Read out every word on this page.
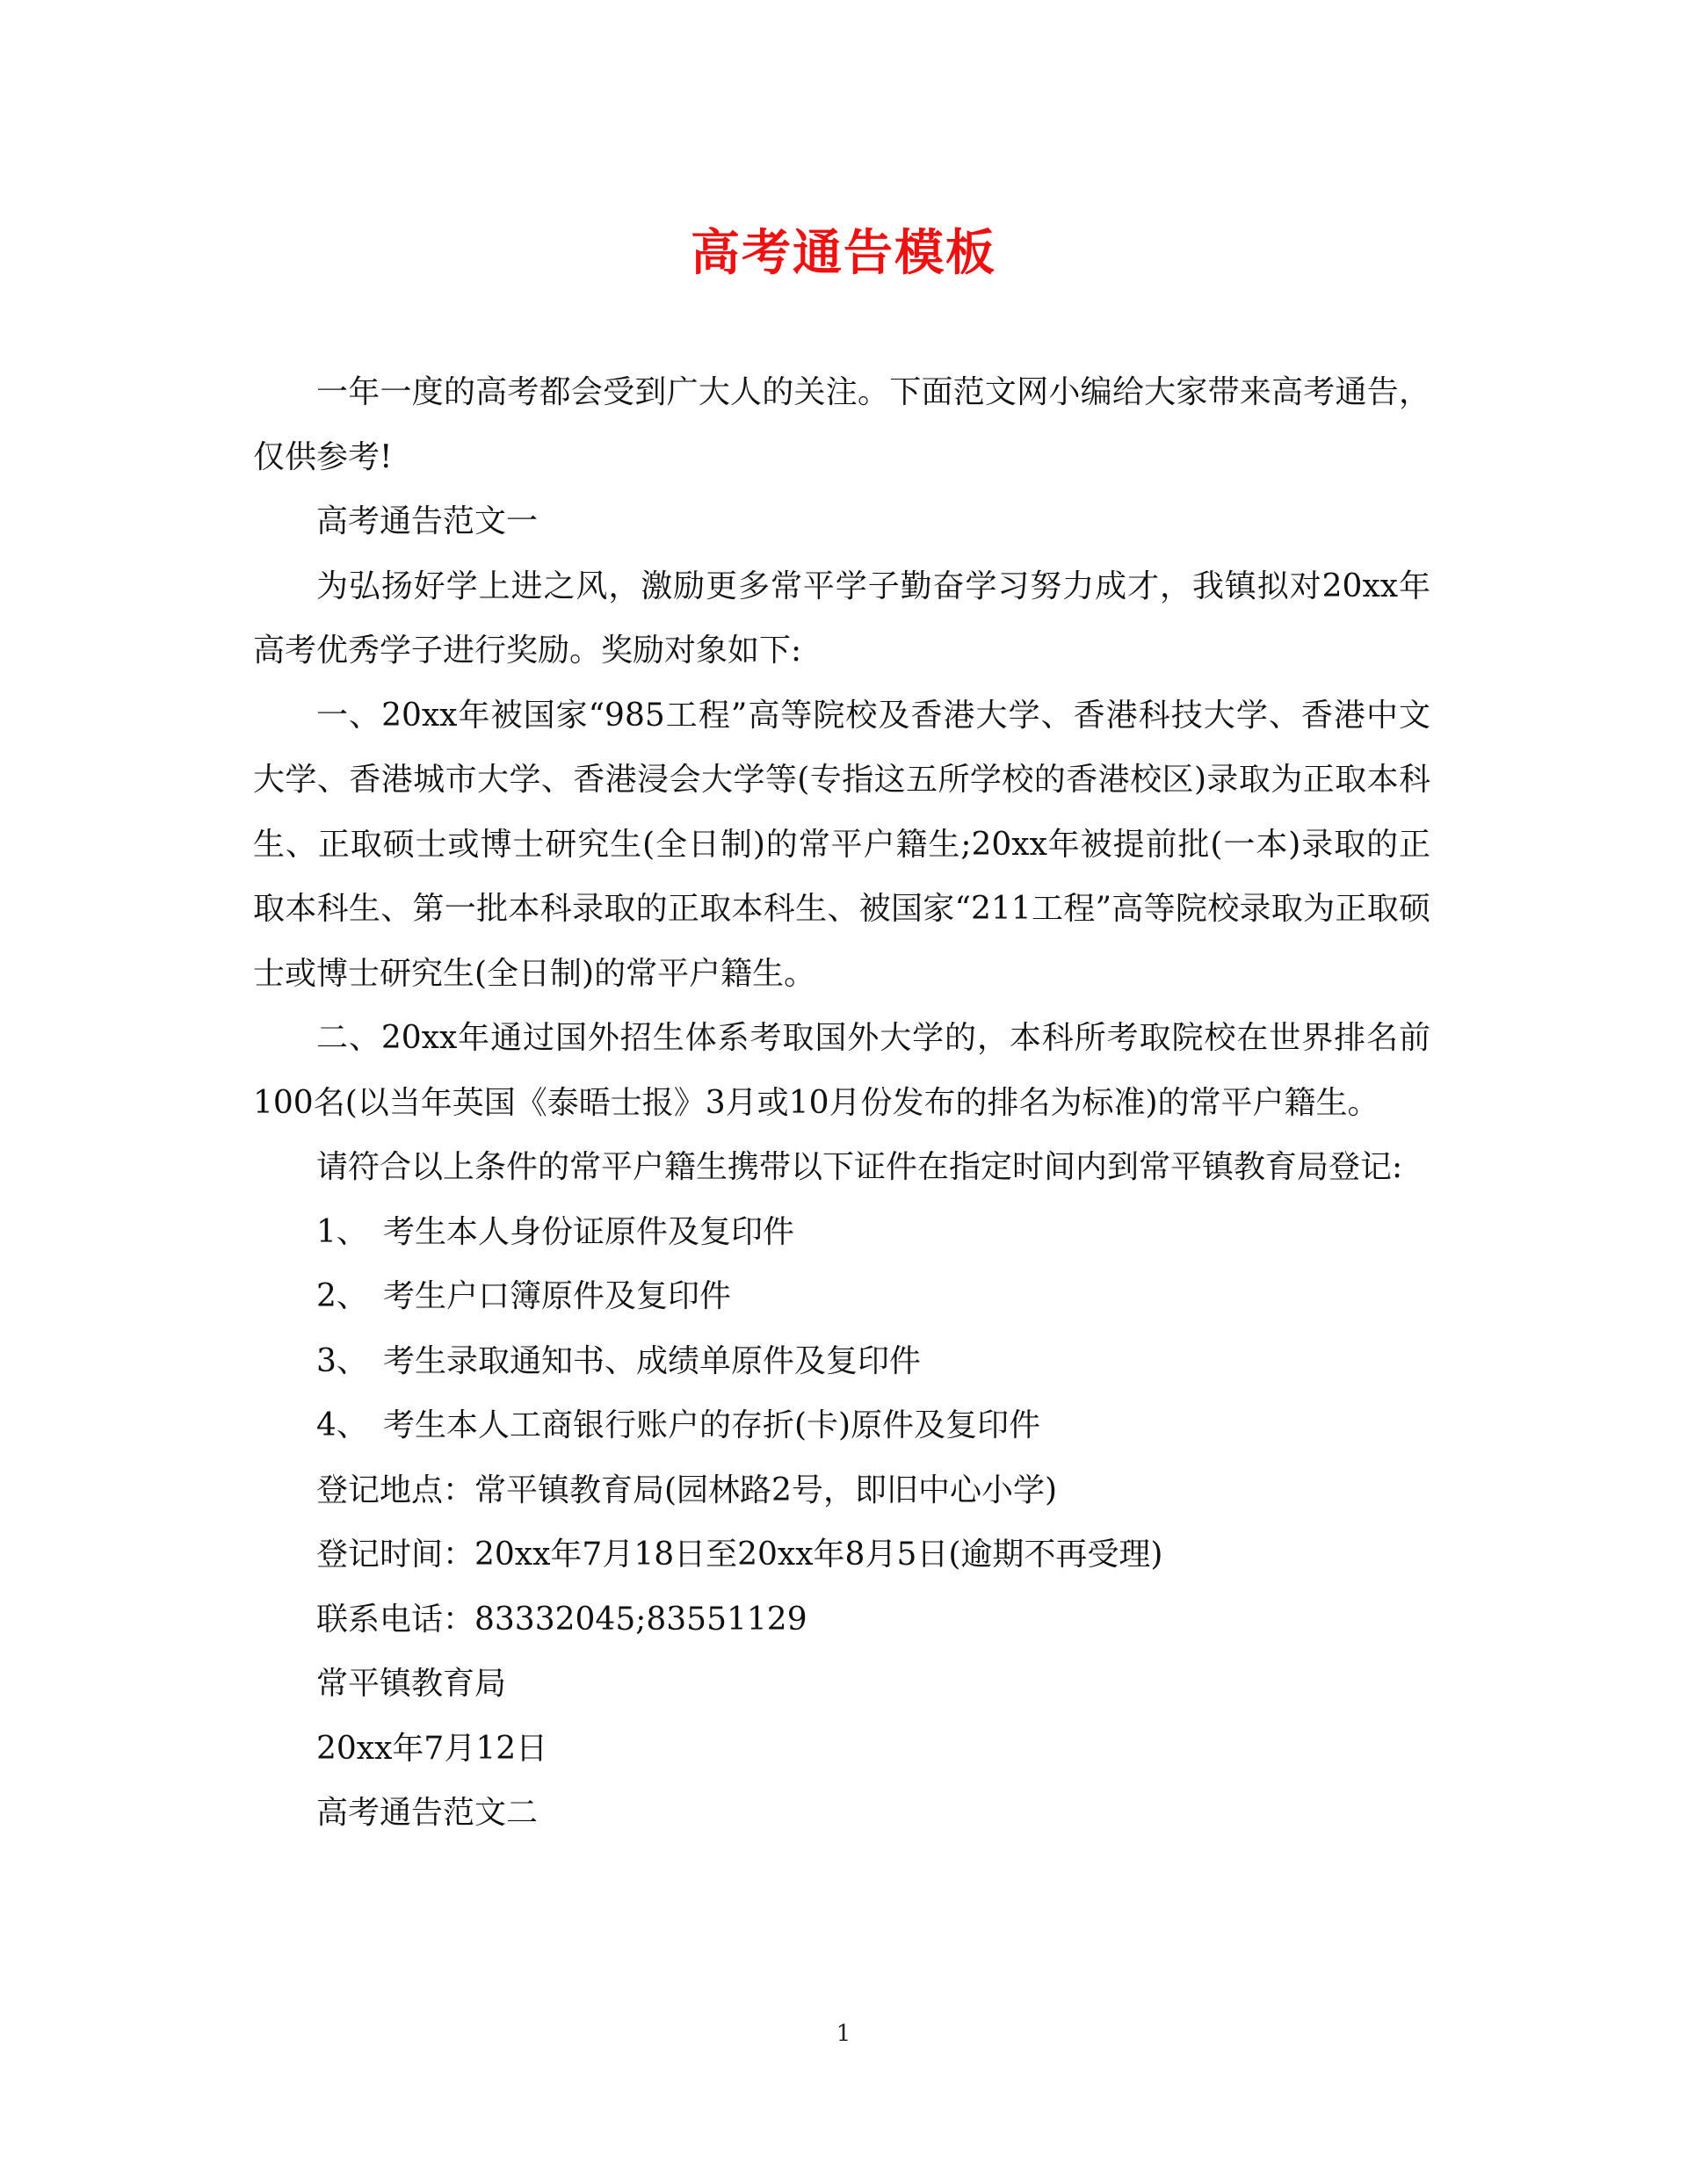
高考通告模板

一年一度的高考都会受到广大人的关注。下面范文网小编给大家带来高考通告，仅供参考!

高考通告范文一

为弘扬好学上进之风，激励更多常平学子勤奋学习努力成才，我镇拟对20xx年高考优秀学子进行奖励。奖励对象如下:

一、20xx年被国家“985工程”高等院校及香港大学、香港科技大学、香港中文大学、香港城市大学、香港浸会大学等(专指这五所学校的香港校区)录取为正取本科生、正取硕士或博士研究生(全日制)的常平户籍生;20xx年被提前批(一本)录取的正取本科生、第一批本科录取的正取本科生、被国家“211工程”高等院校录取为正取硕士或博士研究生(全日制)的常平户籍生。

二、20xx年通过国外招生体系考取国外大学的，本科所考取院校在世界排名前100名(以当年英国《泰晤士报》3月或10月份发布的排名为标准)的常平户籍生。

请符合以上条件的常平户籍生携带以下证件在指定时间内到常平镇教育局登记:

1、 考生本人身份证原件及复印件

2、 考生户口簿原件及复印件

3、 考生录取通知书、成绩单原件及复印件

4、 考生本人工商银行账户的存折(卡)原件及复印件

登记地点：常平镇教育局(园林路2号，即旧中心小学)

登记时间：20xx年7月18日至20xx年8月5日(逾期不再受理)

联系电话：83332045;83551129

常平镇教育局

20xx年7月12日

高考通告范文二

1
